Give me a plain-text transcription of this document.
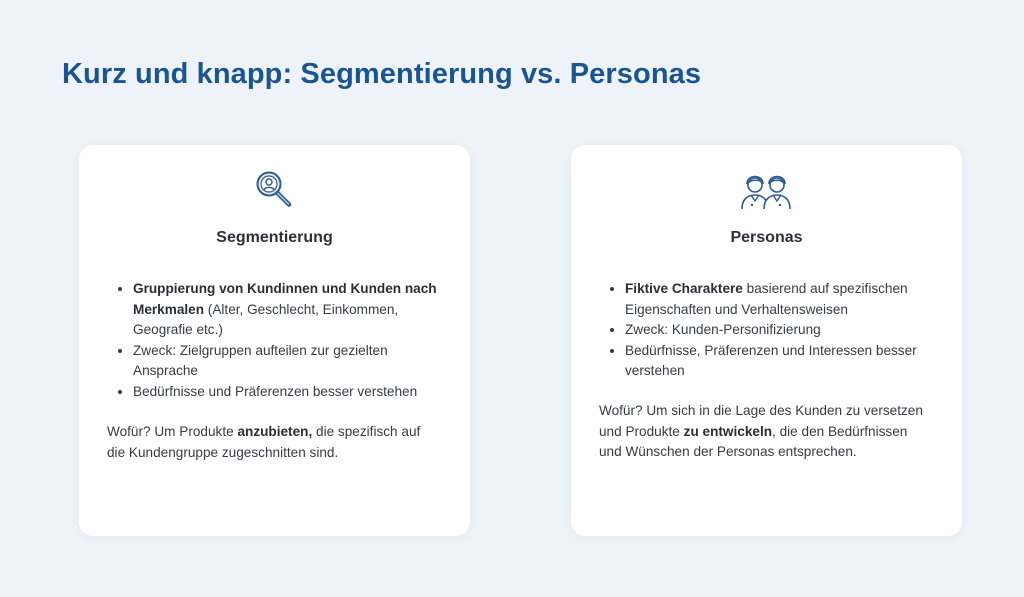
Kurz und knapp: Segmentierung vs. Personas
Segmentierung
• Gruppierung von Kundinnen und Kunden nach Merkmalen (Alter, Geschlecht, Einkommen, Geografie etc.)
• Zweck: Zielgruppen aufteilen zur gezielten Ansprache
• Bedürfnisse und Präferenzen besser verstehen
Wofür? Um Produkte anzubieten, die spezifisch auf die Kundengruppe zugeschnitten sind.
Personas
• Fiktive Charaktere basierend auf spezifischen Eigenschaften und Verhaltensweisen
• Zweck: Kunden-Personifizierung
• Bedürfnisse, Präferenzen und Interessen besser verstehen
Wofür? Um sich in die Lage des Kunden zu versetzen und Produkte zu entwickeln, die den Bedürfnissen und Wünschen der Personas entsprechen.
